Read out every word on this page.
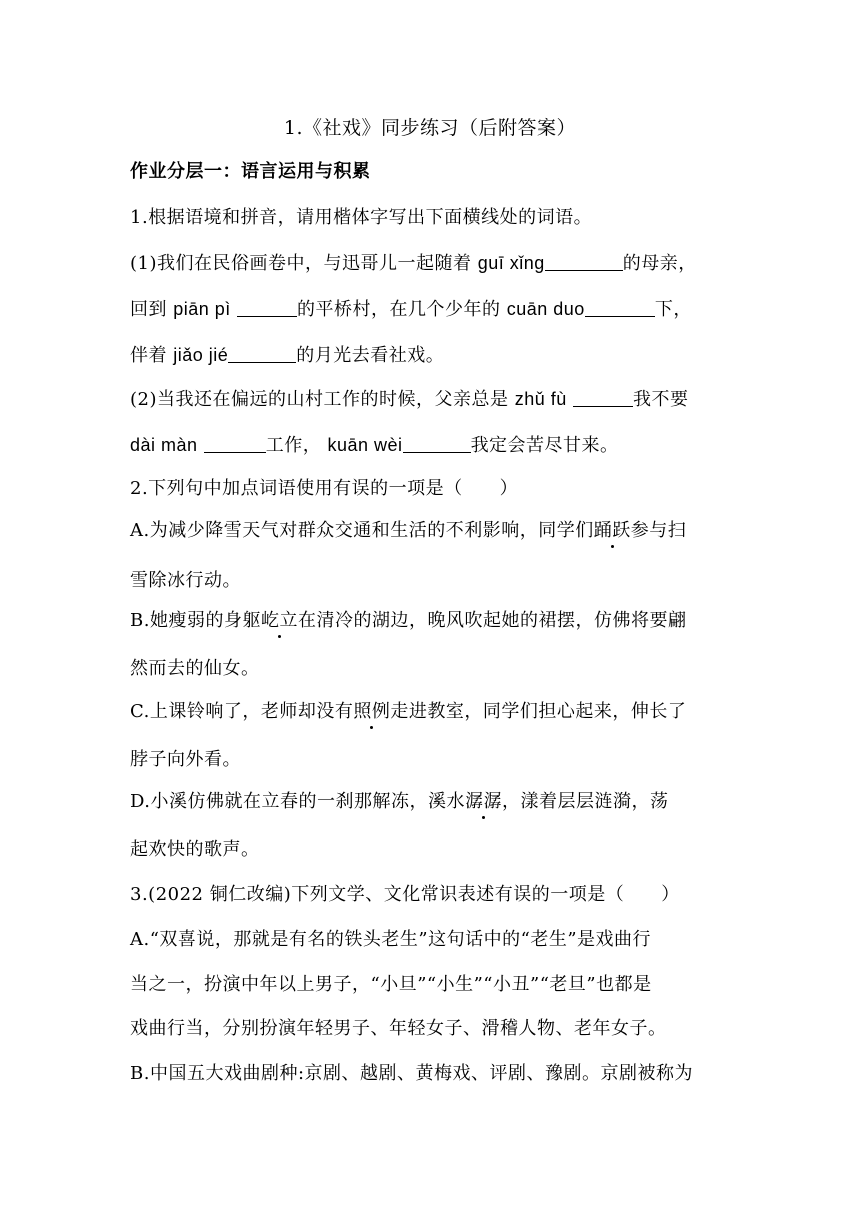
1.《社戏》同步练习（后附答案）
作业分层一：语言运用与积累
1.根据语境和拼音，请用楷体字写出下面横线处的词语。
(1)我们在民俗画卷中，与迅哥儿一起随着 guī xǐng	的母亲，
回到 piān pì	的平桥村，在几个少年的 cuān duo	下，
伴着 jiǎo jié	的月光去看社戏。
(2)当我还在偏远的山村工作的时候，父亲总是 zhǔ fù	我不要
dài màn	工作， kuān wèi	我定会苦尽甘来。
2.下列句中加点词语使用有误的一项是（　　）
A.为减少降雪天气对群众交通和生活的不利影响，同学们踊跃参与扫
雪除冰行动。
B.她瘦弱的身躯屹立在清冷的湖边，晚风吹起她的裙摆，仿佛将要翩
然而去的仙女。
C.上课铃响了，老师却没有照例走进教室，同学们担心起来，伸长了
脖子向外看。
D.小溪仿佛就在立春的一刹那解冻，溪水潺潺，漾着层层涟漪，荡
起欢快的歌声。
3.(2022 铜仁改编)下列文学、文化常识表述有误的一项是（　　）
A.“双喜说，那就是有名的铁头老生”这句话中的“老生”是戏曲行
当之一，扮演中年以上男子，“小旦”“小生”“小丑”“老旦”也都是
戏曲行当，分别扮演年轻男子、年轻女子、滑稽人物、老年女子。
B.中国五大戏曲剧种:京剧、越剧、黄梅戏、评剧、豫剧。京剧被称为
